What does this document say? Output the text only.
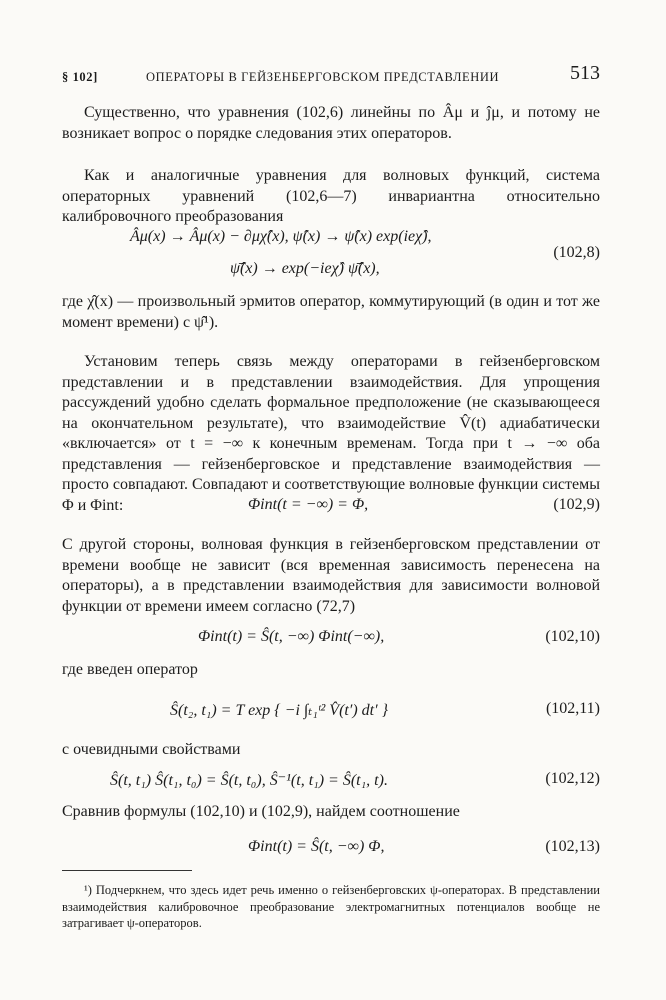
§ 102]	ОПЕРАТОРЫ В ГЕЙЗЕНБЕРГОВСКОМ ПРЕДСТАВЛЕНИИ	513

Существенно, что уравнения (102,6) линейны по Âμ и ĵμ, и потому не возникает вопрос о порядке следования этих операторов.

Как и аналогичные уравнения для волновых функций, система операторных уравнений (102,6—7) инвариантна относительно калибровочного преобразования

Âμ(x) → Âμ(x) − ∂μχ̂(x), ψ̂(x) → ψ̂(x) exp(ieχ̂),
ψ̄̂(x) → exp(−ieχ̂) ψ̄̂(x),
(102,8)

где χ̂(x) — произвольный эрмитов оператор, коммутирующий (в один и тот же момент времени) с ψ̂¹).

Установим теперь связь между операторами в гейзенберговском представлении и в представлении взаимодействия. Для упрощения рассуждений удобно сделать формальное предположение (не сказывающееся на окончательном результате), что взаимодействие V̂(t) адиабатически «включается» от t = −∞ к конечным временам. Тогда при t → −∞ оба представления — гейзенберговское и представление взаимодействия — просто совпадают. Совпадают и соответствующие волновые функции системы Φ и Φint:	Φint(t = −∞) = Φ,	(102,9)

С другой стороны, волновая функция в гейзенберговском представлении от времени вообще не зависит (вся временная зависимость перенесена на операторы), а в представлении взаимодействия для зависимости волновой функции от времени имеем согласно (72,7)

Φint(t) = Ŝ(t, −∞) Φint(−∞),	(102,10)

где введен оператор

Ŝ(t₂, t₁) = T exp { −i ∫ₜ₁ᵗ² V̂(t′) dt′ }	(102,11)

с очевидными свойствами

Ŝ(t, t₁) Ŝ(t₁, t₀) = Ŝ(t, t₀), Ŝ⁻¹(t, t₁) = Ŝ(t₁, t).	(102,12)

Сравнив формулы (102,10) и (102,9), найдем соотношение

Φint(t) = Ŝ(t, −∞) Φ,	(102,13)

¹) Подчеркнем, что здесь идет речь именно о гейзенберговских ψ-операторах. В представлении взаимодействия калибровочное преобразование электромагнитных потенциалов вообще не затрагивает ψ-операторов.
